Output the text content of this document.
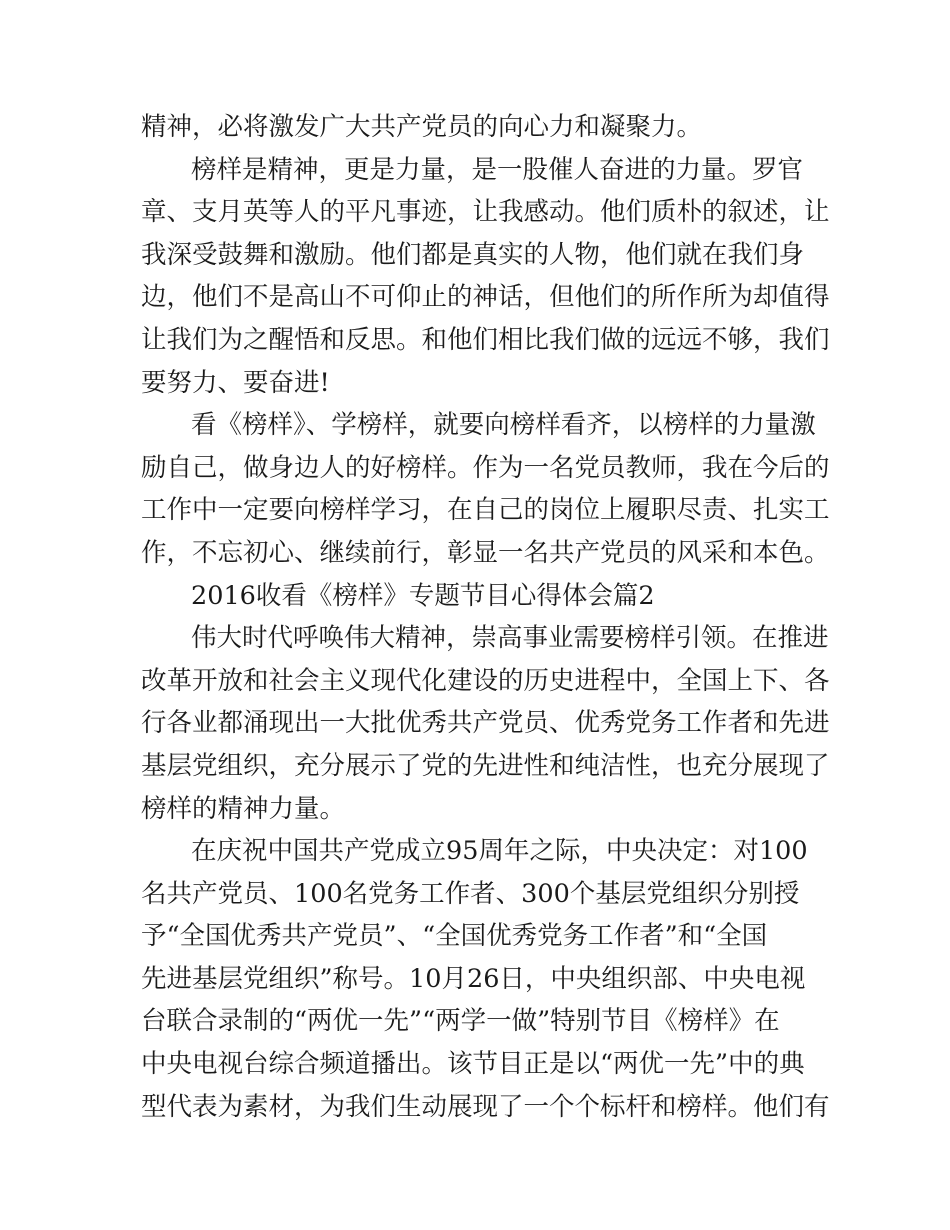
精神，必将激发广大共产党员的向心力和凝聚力。
榜样是精神，更是力量，是一股催人奋进的力量。罗官
章、支月英等人的平凡事迹，让我感动。他们质朴的叙述，让
我深受鼓舞和激励。他们都是真实的人物，他们就在我们身
边，他们不是高山不可仰止的神话，但他们的所作所为却值得
让我们为之醒悟和反思。和他们相比我们做的远远不够，我们
要努力、要奋进!
看《榜样》、学榜样，就要向榜样看齐，以榜样的力量激
励自己，做身边人的好榜样。作为一名党员教师，我在今后的
工作中一定要向榜样学习，在自己的岗位上履职尽责、扎实工
作，不忘初心、继续前行，彰显一名共产党员的风采和本色。
2016收看《榜样》专题节目心得体会篇2
伟大时代呼唤伟大精神，崇高事业需要榜样引领。在推进
改革开放和社会主义现代化建设的历史进程中，全国上下、各
行各业都涌现出一大批优秀共产党员、优秀党务工作者和先进
基层党组织，充分展示了党的先进性和纯洁性，也充分展现了
榜样的精神力量。
在庆祝中国共产党成立95周年之际，中央决定：对100
名共产党员、100名党务工作者、300个基层党组织分别授
予“全国优秀共产党员”、“全国优秀党务工作者”和“全国
先进基层党组织”称号。10月26日，中央组织部、中央电视
台联合录制的“两优一先”“两学一做”特别节目《榜样》在
中央电视台综合频道播出。该节目正是以“两优一先”中的典
型代表为素材，为我们生动展现了一个个标杆和榜样。他们有
